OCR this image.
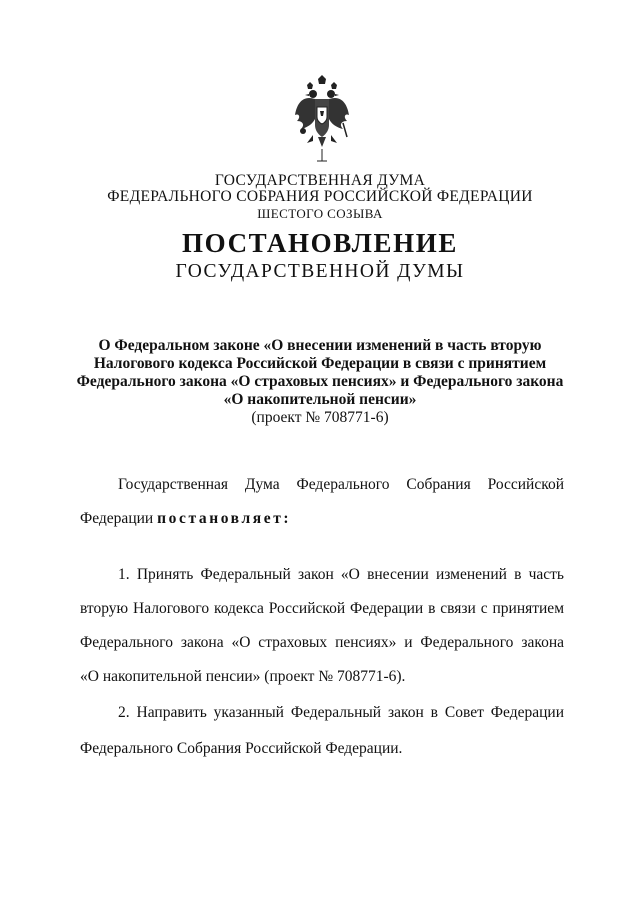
ГОСУДАРСТВЕННАЯ ДУМА
ФЕДЕРАЛЬНОГО СОБРАНИЯ РОССИЙСКОЙ ФЕДЕРАЦИИ
ШЕСТОГО СОЗЫВА
ПОСТАНОВЛЕНИЕ
ГОСУДАРСТВЕННОЙ ДУМЫ
О Федеральном законе «О внесении изменений в часть вторую
Налогового кодекса Российской Федерации в связи с принятием
Федерального закона «О страховых пенсиях» и Федерального закона
«О накопительной пенсии»
(проект № 708771-6)
Государственная Дума Федерального Собрания Российской
Федерации постановляет:
1. Принять Федеральный закон «О внесении изменений в часть
вторую Налогового кодекса Российской Федерации в связи с принятием
Федерального закона «О страховых пенсиях» и Федерального закона
«О накопительной пенсии» (проект № 708771-6).
2. Направить указанный Федеральный закон в Совет Федерации
Федерального Собрания Российской Федерации.
